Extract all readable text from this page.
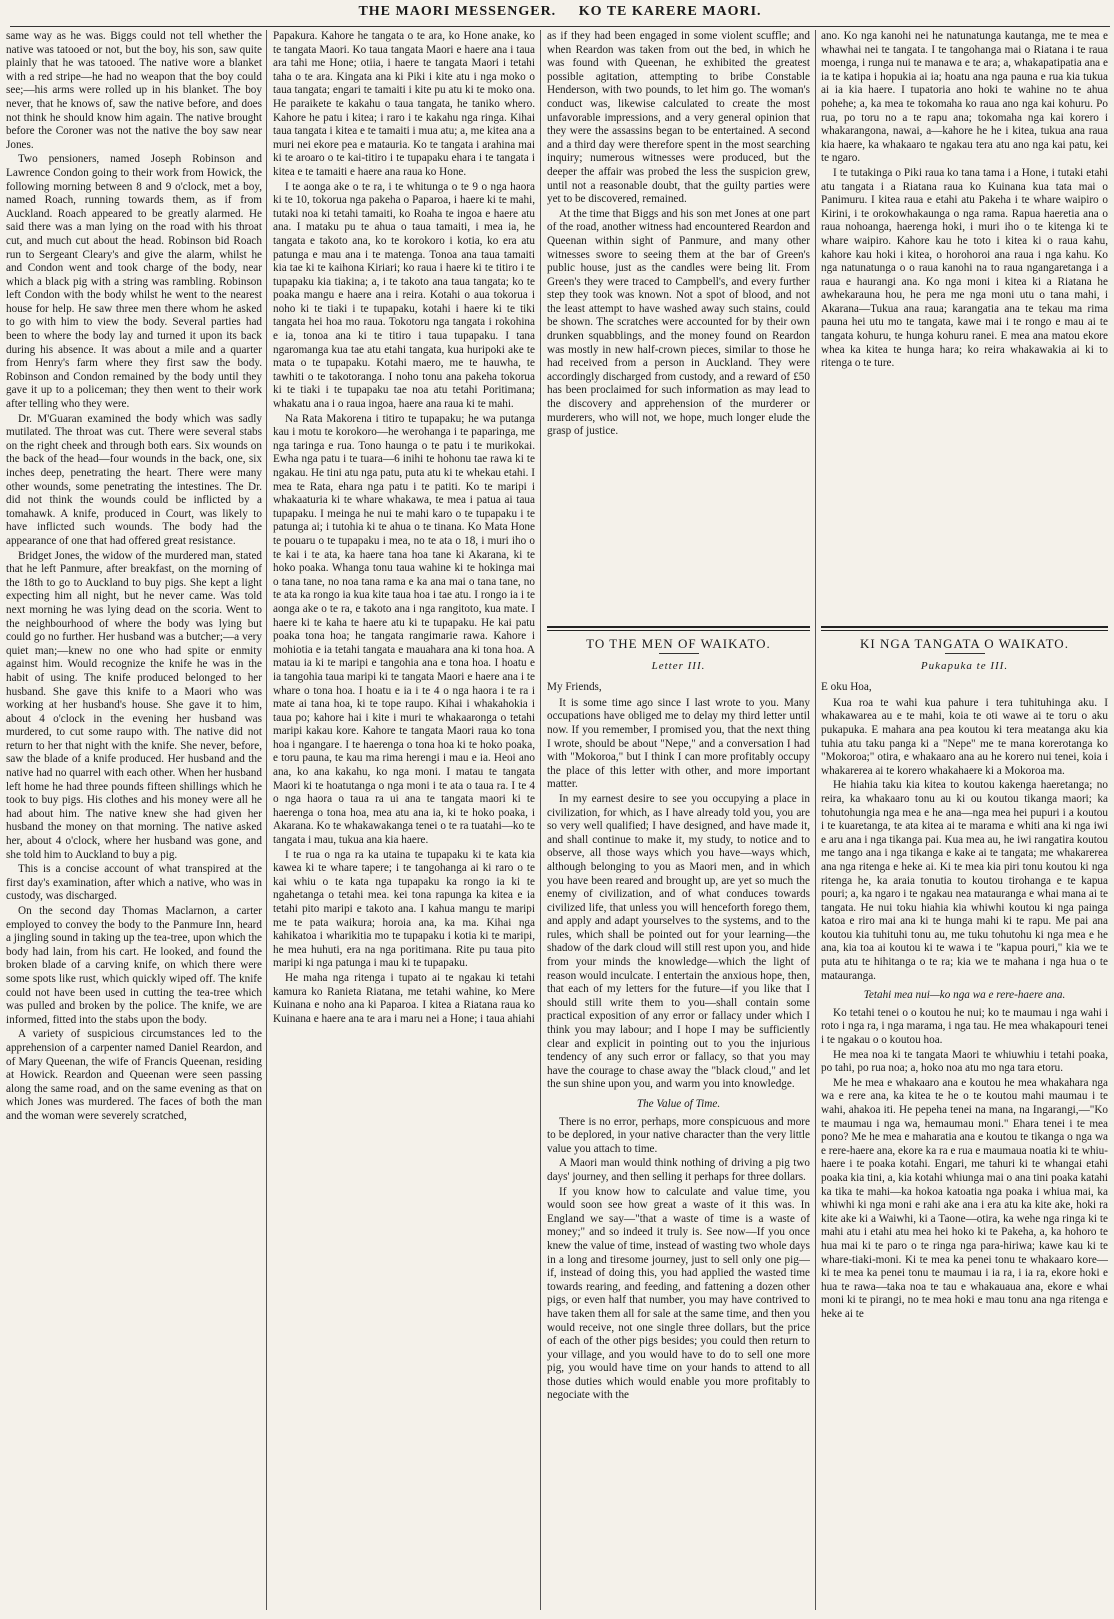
THE MAORI MESSENGER. KO TE KARERE MAORI.

same way as he was. Biggs could not tell whether the native was tatooed or not, but the boy, his son, saw quite plainly that he was tatooed. The native wore a blanket with a red stripe—he had no weapon that the boy could see;—his arms were rolled up in his blanket. The boy never, that he knows of, saw the native before, and does not think he should know him again. The native brought before the Coroner was not the native the boy saw near Jones.

Two pensioners, named Joseph Robinson and Lawrence Condon going to their work from Howick, the following morning between 8 and 9 o'clock, met a boy, named Roach, running towards them, as if from Auckland. Roach appeared to be greatly alarmed. He said there was a man lying on the road with his throat cut, and much cut about the head. Robinson bid Roach run to Sergeant Cleary's and give the alarm, whilst he and Condon went and took charge of the body, near which a black pig with a string was rambling. Robinson left Condon with the body whilst he went to the nearest house for help. He saw three men there whom he asked to go with him to view the body. Several parties had been to where the body lay and turned it upon its back during his absence. It was about a mile and a quarter from Henry's farm where they first saw the body. Robinson and Condon remained by the body until they gave it up to a policeman; they then went to their work after telling who they were.

Dr. M'Guaran examined the body which was sadly mutilated. The throat was cut. There were several stabs on the right cheek and through both ears. Six wounds on the back of the head—four wounds in the back, one, six inches deep, penetrating the heart. There were many other wounds, some penetrating the intestines. The Dr. did not think the wounds could be inflicted by a tomahawk. A knife, produced in Court, was likely to have inflicted such wounds. The body had the appearance of one that had offered great resistance.

Bridget Jones, the widow of the murdered man, stated that he left Panmure, after breakfast, on the morning of the 18th to go to Auckland to buy pigs. She kept a light expecting him all night, but he never came. Was told next morning he was lying dead on the scoria. Went to the neighbourhood of where the body was lying but could go no further. Her husband was a butcher;—a very quiet man;—knew no one who had spite or enmity against him. Would recognize the knife he was in the habit of using. The knife produced belonged to her husband. She gave this knife to a Maori who was working at her husband's house. She gave it to him, about 4 o'clock in the evening her husband was murdered, to cut some raupo with. The native did not return to her that night with the knife. She never, before, saw the blade of a knife produced. Her husband and the native had no quarrel with each other. When her husband left home he had three pounds fifteen shillings which he took to buy pigs. His clothes and his money were all he had about him. The native knew she had given her husband the money on that morning. The native asked her, about 4 o'clock, where her husband was gone, and she told him to Auckland to buy a pig.

This is a concise account of what transpired at the first day's examination, after which a native, who was in custody, was discharged.

On the second day Thomas Maclarnon, a carter employed to convey the body to the Panmure Inn, heard a jingling sound in taking up the tea-tree, upon which the body had lain, from his cart. He looked, and found the broken blade of a carving knife, on which there were some spots like rust, which quickly wiped off. The knife could not have been used in cutting the tea-tree which was pulled and broken by the police. The knife, we are informed, fitted into the stabs upon the body.

A variety of suspicious circumstances led to the apprehension of a carpenter named Daniel Reardon, and of Mary Queenan, the wife of Francis Queenan, residing at Howick. Reardon and Queenan were seen passing along the same road, and on the same evening as that on which Jones was murdered. The faces of both the man and the woman were severely scratched,

Papakura. Kahore he tangata o te ara, ko Hone anake, ko te tangata Maori. Ko taua tangata Maori e haere ana i taua ara tahi me Hone; otiia, i haere te tangata Maori i tetahi taha o te ara. Kingata ana ki Piki i kite atu i nga moko o taua tangata; engari te tamaiti i kite pu atu ki te moko ona. He paraikete te kakahu o taua tangata, he taniko whero. Kahore he patu i kitea; i raro i te kakahu nga ringa. Kihai taua tangata i kitea e te tamaiti i mua atu; a, me kitea ana a muri nei ekore pea e matauria. Ko te tangata i arahina mai ki te aroaro o te kai-titiro i te tupapaku ehara i te tangata i kitea e te tamaiti e haere ana raua ko Hone.

I te aonga ake o te ra, i te whitunga o te 9 o nga haora ki te 10, tokorua nga pakeha o Paparoa, i haere ki te mahi, tutaki noa ki tetahi tamaiti, ko Roaha te ingoa e haere atu ana. I mataku pu te ahua o taua tamaiti, i mea ia, he tangata e takoto ana, ko te korokoro i kotia, ko era atu patunga e mau ana i te matenga. Tonoa ana taua tamaiti kia tae ki te kaihona Kiriari; ko raua i haere ki te titiro i te tupapaku kia tiakina; a, i te takoto ana taua tangata; ko te poaka mangu e haere ana i reira. Kotahi o aua tokorua i noho ki te tiaki i te tupapaku, kotahi i haere ki te tiki tangata hei hoa mo raua. Tokotoru nga tangata i rokohina e ia, tonoa ana ki te titiro i taua tupapaku. I tana ngaromanga kua tae atu etahi tangata, kua huripoki ake te mata o te tupapaku. Kotahi maero, me te hauwha, te tawhiti o te takotoranga. I noho tonu ana pakeha tokorua ki te tiaki i te tupapaku tae noa atu tetahi Poritimana; whakatu ana i o raua ingoa, haere ana raua ki te mahi.

Na Rata Makorena i titiro te tupapaku; he wa putanga kau i motu te korokoro—he werohanga i te paparinga, me nga taringa e rua. Tono haunga o te patu i te murikokai. Ewha nga patu i te tuara—6 inihi te hohonu tae rawa ki te ngakau. He tini atu nga patu, puta atu ki te whekau etahi. I mea te Rata, ehara nga patu i te patiti. Ko te maripi i whakaaturia ki te whare whakawa, te mea i patua ai taua tupapaku. I meinga he nui te mahi karo o te tupapaku i te patunga ai; i tutohia ki te ahua o te tinana. Ko Mata Hone te pouaru o te tupapaku i mea, no te ata o 18, i muri iho o te kai i te ata, ka haere tana hoa tane ki Akarana, ki te hoko poaka. Whanga tonu taua wahine ki te hokinga mai o tana tane, no noa tana rama e ka ana mai o tana tane, no te ata ka rongo ia kua kite taua hoa i tae atu. I rongo ia i te aonga ake o te ra, e takoto ana i nga rangitoto, kua mate. I haere ki te kaha te haere atu ki te tupapaku. He kai patu poaka tona hoa; he tangata rangimarie rawa. Kahore i mohiotia e ia tetahi tangata e mauahara ana ki tona hoa. A matau ia ki te maripi e tangohia ana e tona hoa. I hoatu e ia tangohia taua maripi ki te tangata Maori e haere ana i te whare o tona hoa. I hoatu e ia i te 4 o nga haora i te ra i mate ai tana hoa, ki te tope raupo. Kihai i whakahokia i taua po; kahore hai i kite i muri te whakaaronga o tetahi maripi kakau kore. Kahore te tangata Maori raua ko tona hoa i ngangare. I te haerenga o tona hoa ki te hoko poaka, e toru pauna, te kau ma rima herengi i mau e ia. Heoi ano ana, ko ana kakahu, ko nga moni. I matau te tangata Maori ki te hoatutanga o nga moni i te ata o taua ra. I te 4 o nga haora o taua ra ui ana te tangata maori ki te haerenga o tona hoa, mea atu ana ia, ki te hoko poaka, i Akarana. Ko te whakawakanga tenei o te ra tuatahi—ko te tangata i mau, tukua ana kia haere.

I te rua o nga ra ka utaina te tupapaku ki te kata kia kawea ki te whare tapere; i te tangohanga ai ki raro o te kai whiu o te kata nga tupapaku ka rongo ia ki te ngahetanga o tetahi mea. kei tona rapunga ka kitea e ia tetahi pito maripi e takoto ana. I kahua mangu te maripi me te pata waikura; horoia ana, ka ma. Kihai nga kahikatoa i wharikitia mo te tupapaku i kotia ki te maripi, he mea huhuti, era na nga poritimana. Rite pu taua pito maripi ki nga patunga i mau ki te tupapaku.

He maha nga ritenga i tupato ai te ngakau ki tetahi kamura ko Ranieta Riatana, me tetahi wahine, ko Mere Kuinana e noho ana ki Paparoa. I kitea a Riatana raua ko Kuinana e haere ana te ara i maru nei a Hone; i taua ahiahi

as if they had been engaged in some violent scuffle; and when Reardon was taken from out the bed, in which he was found with Queenan, he exhibited the greatest possible agitation, attempting to bribe Constable Henderson, with two pounds, to let him go. The woman's conduct was, likewise calculated to create the most unfavorable impressions, and a very general opinion that they were the assassins began to be entertained. A second and a third day were therefore spent in the most searching inquiry; numerous witnesses were produced, but the deeper the affair was probed the less the suspicion grew, until not a reasonable doubt, that the guilty parties were yet to be discovered, remained.

At the time that Biggs and his son met Jones at one part of the road, another witness had encountered Reardon and Queenan within sight of Panmure, and many other witnesses swore to seeing them at the bar of Green's public house, just as the candles were being lit. From Green's they were traced to Campbell's, and every further step they took was known. Not a spot of blood, and not the least attempt to have washed away such stains, could be shown. The scratches were accounted for by their own drunken squabblings, and the money found on Reardon was mostly in new half-crown pieces, similar to those he had received from a person in Auckland. They were accordingly discharged from custody, and a reward of £50 has been proclaimed for such information as may lead to the discovery and apprehension of the murderer or murderers, who will not, we hope, much longer elude the grasp of justice.

TO THE MEN OF WAIKATO.
Letter III.
My Friends,

It is some time ago since I last wrote to you. Many occupations have obliged me to delay my third letter until now. If you remember, I promised you, that the next thing I wrote, should be about "Nepe," and a conversation I had with "Mokoroa," but I think I can more profitably occupy the place of this letter with other, and more important matter.

In my earnest desire to see you occupying a place in civilization, for which, as I have already told you, you are so very well qualified; I have designed, and have made it, and shall continue to make it, my study, to notice and to observe, all those ways which you have—ways which, although belonging to you as Maori men, and in which you have been reared and brought up, are yet so much the enemy of civilization, and of what conduces towards civilized life, that unless you will henceforth forego them, and apply and adapt yourselves to the systems, and to the rules, which shall be pointed out for your learning—the shadow of the dark cloud will still rest upon you, and hide from your minds the knowledge—which the light of reason would inculcate. I entertain the anxious hope, then, that each of my letters for the future—if you like that I should still write them to you—shall contain some practical exposition of any error or fallacy under which I think you may labour; and I hope I may be sufficiently clear and explicit in pointing out to you the injurious tendency of any such error or fallacy, so that you may have the courage to chase away the "black cloud," and let the sun shine upon you, and warm you into knowledge.

The Value of Time.

There is no error, perhaps, more conspicuous and more to be deplored, in your native character than the very little value you attach to time.

A Maori man would think nothing of driving a pig two days' journey, and then selling it perhaps for three dollars.

If you know how to calculate and value time, you would soon see how great a waste of it this was. In England we say—"that a waste of time is a waste of money;" and so indeed it truly is. See now—If you once knew the value of time, instead of wasting two whole days in a long and tiresome journey, just to sell only one pig—if, instead of doing this, you had applied the wasted time towards rearing, and feeding, and fattening a dozen other pigs, or even half that number, you may have contrived to have taken them all for sale at the same time, and then you would receive, not one single three dollars, but the price of each of the other pigs besides; you could then return to your village, and you would have to do to sell one more pig, you would have time on your hands to attend to all those duties which would enable you more profitably to negociate with the

ano. Ko nga kanohi nei he natunatunga kautanga, me te mea e whawhai nei te tangata. I te tangohanga mai o Riatana i te raua moenga, i runga nui te manawa e te ara; a, whakapatipatia ana e ia te katipa i hopukia ai ia; hoatu ana nga pauna e rua kia tukua ai ia kia haere. I tupatoria ano hoki te wahine no te ahua pohehe; a, ka mea te tokomaha ko raua ano nga kai kohuru. Po rua, po toru no a te rapu ana; tokomaha nga kai korero i whakarangona, nawai, a—kahore he he i kitea, tukua ana raua kia haere, ka whakaaro te ngakau tera atu ano nga kai patu, kei te ngaro.

I te tutakinga o Piki raua ko tana tama i a Hone, i tutaki etahi atu tangata i a Riatana raua ko Kuinana kua tata mai o Panimuru. I kitea raua e etahi atu Pakeha i te whare waipiro o Kirini, i te orokowhakaunga o nga rama. Rapua haeretia ana o raua nohoanga, haerenga hoki, i muri iho o te kitenga ki te whare waipiro. Kahore kau he toto i kitea ki o raua kahu, kahore kau hoki i kitea, o horohoroi ana raua i nga kahu. Ko nga natunatunga o o raua kanohi na to raua ngangaretanga i a raua e haurangi ana. Ko nga moni i kitea ki a Riatana he awhekarauna hou, he pera me nga moni utu o tana mahi, i Akarana—Tukua ana raua; karangatia ana te tekau ma rima pauna hei utu mo te tangata, kawe mai i te rongo e mau ai te tangata kohuru, te hunga kohuru ranei. E mea ana matou ekore whea ka kitea te hunga hara; ko reira whakawakia ai ki to ritenga o te ture.

KI NGA TANGATA O WAIKATO.
Pukapuka te III.
E oku Hoa,

Kua roa te wahi kua pahure i tera tuhituhinga aku. I whakawarea au e te mahi, koia te oti wawe ai te toru o aku pukapuka. E mahara ana pea koutou ki tera meatanga aku kia tuhia atu taku panga ki a "Nepe" me te mana korerotanga ko "Mokoroa;" otira, e whakaaro ana au he korero nui tenei, koia i whakarerea ai te korero whakahaere ki a Mokoroa ma.

He hiahia taku kia kitea to koutou kakenga haeretanga; no reira, ka whakaaro tonu au ki ou koutou tikanga maori; ka tohutohungia nga mea e he ana—nga mea hei pupuri i a koutou i te kuaretanga, te ata kitea ai te marama e whiti ana ki nga iwi e aru ana i nga tikanga pai. Kua mea au, he iwi rangatira koutou me tango ana i nga tikanga e kake ai te tangata; me whakarerea ana nga ritenga e heke ai. Ki te mea kia piri tonu koutou ki nga ritenga he, ka araia tonutia to koutou tirohanga e te kapua pouri; a, ka ngaro i te ngakau nea matauranga e whai mana ai te tangata. He nui toku hiahia kia whiwhi koutou ki nga painga katoa e riro mai ana ki te hunga mahi ki te rapu. Me pai ana koutou kia tuhituhi tonu au, me tuku tohutohu ki nga mea e he ana, kia toa ai koutou ki te wawa i te "kapua pouri," kia we te puta atu te hihitanga o te ra; kia we te mahana i nga hua o te matauranga.

Tetahi mea nui—ko nga wa e rere-haere ana.

Ko tetahi tenei o o koutou he nui; ko te maumau i nga wahi i roto i nga ra, i nga marama, i nga tau. He mea whakapouri tenei i te ngakau o o koutou hoa.

He mea noa ki te tangata Maori te whiuwhiu i tetahi poaka, po tahi, po rua noa; a, hoko noa atu mo nga tara etoru.

Me he mea e whakaaro ana e koutou he mea whakahara nga wa e rere ana, ka kitea te he o te koutou mahi maumau i te wahi, ahakoa iti. He pepeha tenei na mana, na Ingarangi,—"Ko te maumau i nga wa, hemaumau moni." Ehara tenei i te mea pono? Me he mea e maharatia ana e koutou te tikanga o nga wa e rere-haere ana, ekore ka ra e rua e maumaua noatia ki te whiu-haere i te poaka kotahi. Engari, me tahuri ki te whangai etahi poaka kia tini, a, kia kotahi whiunga mai o ana tini poaka katahi ka tika te mahi—ka hokoa katoatia nga poaka i whiua mai, ka whiwhi ki nga moni e rahi ake ana i era atu ka kite ake, hoki ra kite ake ki a Waiwhi, ki a Taone—otira, ka wehe nga ringa ki te mahi atu i etahi atu mea hei hoko ki te Pakeha, a, ka hohoro te hua mai ki te paro o te ringa nga para-hiriwa; kawe kau ki te whare-tiaki-moni. Ki te mea ka penei tonu te whakaaro kore—ki te mea ka penei tonu te maumau i ia ra, i ia ra, ekore hoki e hua te rawa—taka noa te tau e whakauaua ana, ekore e whai moni ki te pirangi, no te mea hoki e mau tonu ana nga ritenga e heke ai te
